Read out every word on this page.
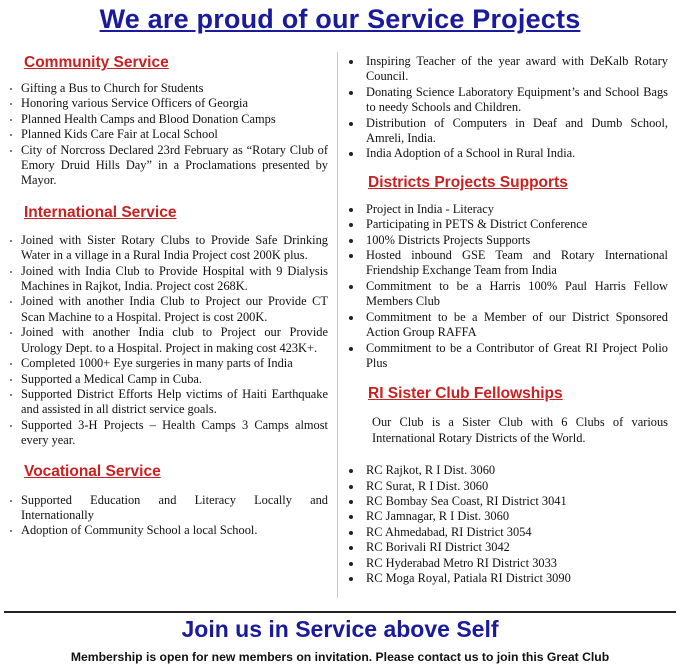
We are proud of our Service Projects
Community Service
Gifting a Bus to Church for Students
Honoring various Service Officers of Georgia
Planned Health Camps and Blood Donation Camps
Planned Kids Care Fair at Local School
City of Norcross Declared 23rd February as “Rotary Club of Emory Druid Hills Day” in a Proclamations presented by Mayor.
International Service
Joined with Sister Rotary Clubs to Provide Safe Drinking Water in a village in a Rural India Project cost 200K plus.
Joined with India Club to Provide Hospital with 9 Dialysis Machines in Rajkot, India. Project cost 268K.
Joined with another India Club to Project our Provide CT Scan Machine to a Hospital. Project is cost 200K.
Joined with another India club to Project our Provide Urology Dept. to a Hospital. Project in making cost 423K+.
Completed 1000+ Eye surgeries in many parts of India
Supported a Medical Camp in Cuba.
Supported District Efforts Help victims of Haiti Earthquake and assisted in all district service goals.
Supported 3-H Projects – Health Camps 3 Camps almost every year.
Vocational Service
Supported Education and Literacy Locally and Internationally
Adoption of Community School a local School.
Inspiring Teacher of the year award with DeKalb Rotary Council.
Donating Science Laboratory Equipment’s and School Bags to needy Schools and Children.
Distribution of Computers in Deaf and Dumb School, Amreli, India.
India Adoption of a School in Rural India.
Districts Projects Supports
Project in India - Literacy
Participating in PETS & District Conference
100% Districts Projects Supports
Hosted inbound GSE Team and Rotary International Friendship Exchange Team from India
Commitment to be a Harris 100% Paul Harris Fellow Members Club
Commitment to be a Member of our District Sponsored Action Group RAFFA
Commitment to be a Contributor of Great RI Project Polio Plus
RI Sister Club Fellowships

Our Club is a Sister Club with 6 Clubs of various International Rotary Districts of the World.

RC Rajkot, R I Dist. 3060
RC Surat, R I Dist. 3060
RC Bombay Sea Coast, RI District 3041
RC Jamnagar, R I Dist. 3060
RC Ahmedabad, RI District 3054
RC Borivali RI District 3042
RC Hyderabad Metro RI District 3033
RC Moga Royal, Patiala RI District 3090
Join us in Service above Self
Membership is open for new members on invitation. Please contact us to join this Great Club
